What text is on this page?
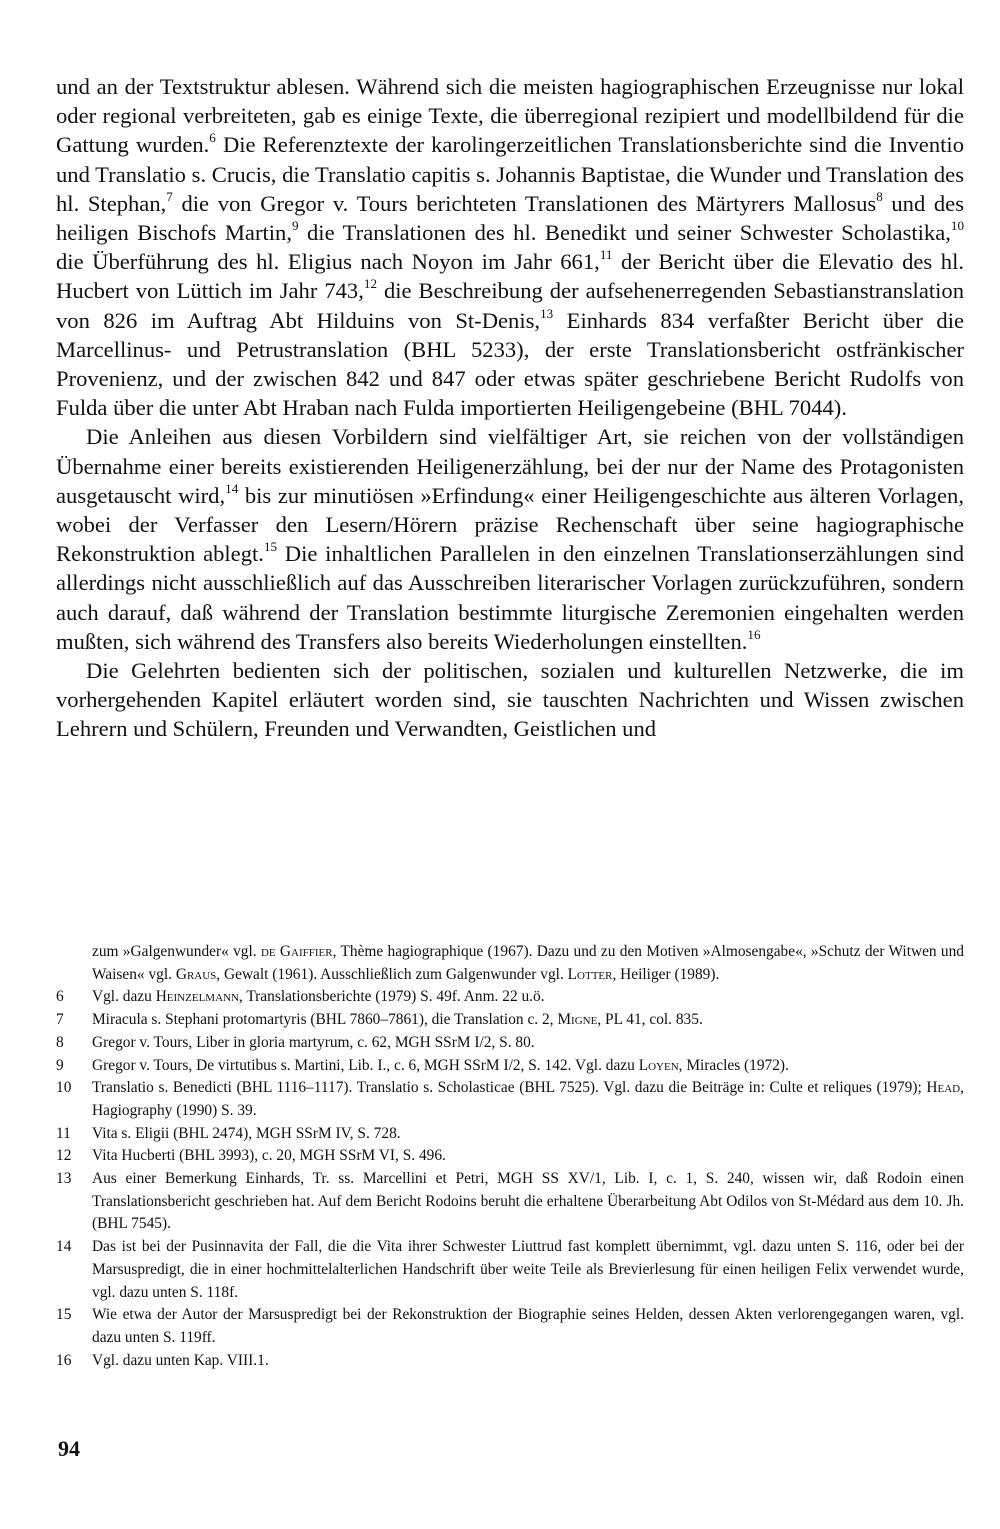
und an der Textstruktur ablesen. Während sich die meisten hagiographischen Erzeugnisse nur lokal oder regional verbreiteten, gab es einige Texte, die überregional rezipiert und modellbildend für die Gattung wurden.$^6$ Die Referenztexte der karolingerzeitlichen Translationsberichte sind die Inventio und Translatio s. Crucis, die Translatio capitis s. Johannis Baptistae, die Wunder und Translation des hl. Stephan,$^7$ die von Gregor v. Tours berichteten Translationen des Märtyrers Mallosus$^8$ und des heiligen Bischofs Martin,$^9$ die Translationen des hl. Benedikt und seiner Schwester Scholastika,$^{10}$ die Überführung des hl. Eligius nach Noyon im Jahr 661,11 der Bericht über die Elevatio des hl. Hucbert von Lüttich im Jahr 743,12 die Beschreibung der aufsehenerregenden Sebastianstranslation von 826 im Auftrag Abt Hilduins von St-Denis,$^{13}$ Einhards 834 verfaßter Bericht über die Marcellinus- und Petrustranslation (BHL 5233), der erste Translationsbericht ostfränkischer Provenienz, und der zwischen 842 und 847 oder etwas später geschriebene Bericht Rudolfs von Fulda über die unter Abt Hraban nach Fulda importierten Heiligengebeine (BHL 7044).

Die Anleihen aus diesen Vorbildern sind vielfältiger Art, sie reichen von der vollständigen Übernahme einer bereits existierenden Heiligenerzählung, bei der nur der Name des Protagonisten ausgetauscht wird,$^{14}$ bis zur minutiösen »Erfindung« einer Heiligengeschichte aus älteren Vorlagen, wobei der Verfasser den Lesern/Hörern präzise Rechenschaft über seine hagiographische Rekonstruktion ablegt.$^{15}$ Die inhaltlichen Parallelen in den einzelnen Translationserzählungen sind allerdings nicht ausschließlich auf das Ausschreiben literarischer Vorlagen zurückzuführen, sondern auch darauf, daß während der Translation bestimmte liturgische Zeremonien eingehalten werden mußten, sich während des Transfers also bereits Wiederholungen einstellten.$^{16}$

Die Gelehrten bedienten sich der politischen, sozialen und kulturellen Netzwerke, die im vorhergehenden Kapitel erläutert worden sind, sie tauschten Nachrichten und Wissen zwischen Lehrern und Schülern, Freunden und Verwandten, Geistlichen und

zum »Galgenwunder« vgl. de Gaiffier, Thème hagiographique (1967). Dazu und zu den Motiven »Almosengabe«, »Schutz der Witwen und Waisen« vgl. Graus, Gewalt (1961). Ausschließlich zum Galgenwunder vgl. Lotter, Heiliger (1989).

6	Vgl. dazu Heinzelmann, Translationsberichte (1979) S. 49f. Anm. 22 u.ö.
7	Miracula s. Stephani protomartyris (BHL 7860–7861), die Translation c. 2, Migne, PL 41, col. 835.
8	Gregor v. Tours, Liber in gloria martyrum, c. 62, MGH SSrM I/2, S. 80.
9	Gregor v. Tours, De virtutibus s. Martini, Lib. I., c. 6, MGH SSrM I/2, S. 142. Vgl. dazu Loyen, Miracles (1972).
10	Translatio s. Benedicti (BHL 1116–1117). Translatio s. Scholasticae (BHL 7525). Vgl. dazu die Beiträge in: Culte et reliques (1979); Head, Hagiography (1990) S. 39.
11	Vita s. Eligii (BHL 2474), MGH SSrM IV, S. 728.
12	Vita Hucberti (BHL 3993), c. 20, MGH SSrM VI, S. 496.
13	Aus einer Bemerkung Einhards, Tr. ss. Marcellini et Petri, MGH SS XV/1, Lib. I, c. 1, S. 240, wissen wir, daß Rodoin einen Translationsbericht geschrieben hat. Auf dem Bericht Rodoins beruht die erhaltene Überarbeitung Abt Odilos von St-Médard aus dem 10. Jh. (BHL 7545).
14	Das ist bei der Pusinnavita der Fall, die die Vita ihrer Schwester Liuttrud fast komplett übernimmt, vgl. dazu unten S. 116, oder bei der Marsuspredigt, die in einer hochmittelalterlichen Handschrift über weite Teile als Brevierlesung für einen heiligen Felix verwendet wurde, vgl. dazu unten S. 118f.
15	Wie etwa der Autor der Marsuspredigt bei der Rekonstruktion der Biographie seines Helden, dessen Akten verlorengegangen waren, vgl. dazu unten S. 119ff.
16	Vgl. dazu unten Kap. VIII.1.
94
